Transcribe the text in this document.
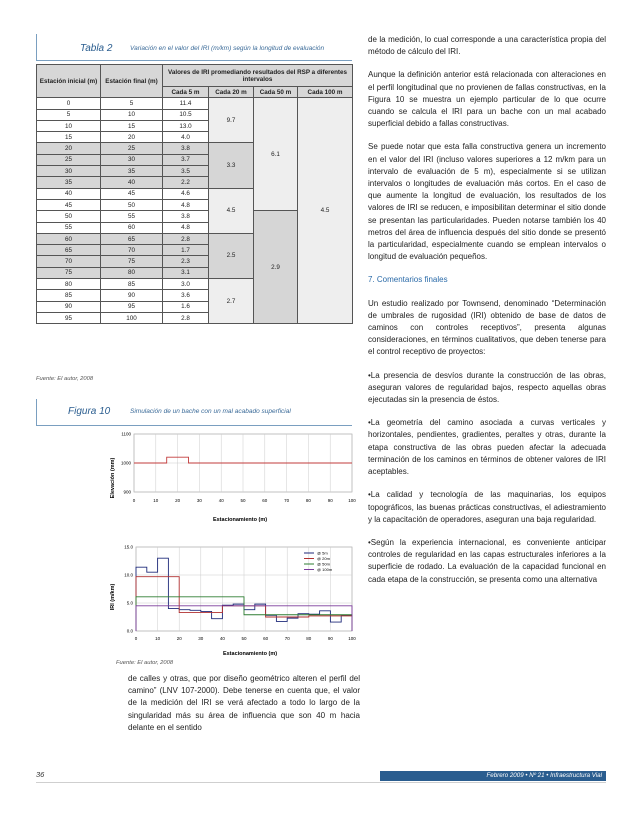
Tabla 2	Variación en el valor del IRI (m/km) según la longitud de evaluación
Estación inicial (m)	Estación final (m)	Valores de IRI promediando resultados del RSP a diferentes intervalos			
		Cada 5 m	Cada 20 m	Cada 50 m	Cada 100 m
0	5	11.4	9.7	6.1	4.5
5	10	10.5			
10	15	13.0			
15	20	4.0			
20	25	3.8	3.3		
25	30	3.7			
30	35	3.5			
35	40	2.2			
40	45	4.6	4.5		
45	50	4.8			
50	55	3.8		2.9	
55	60	4.8			
60	65	2.8	2.5		
65	70	1.7			
70	75	2.3			
75	80	3.1			
80	85	3.0	2.7		
85	90	3.6			
90	95	1.6			
95	100	2.8			
Fuente: El autor, 2008
Figura 10	Simulación de un bache con un mal acabado superficial
0	10	20	30	40	50	60	70	80	90	100
900
1000
1100
Elevación (mm)
Estacionamiento (m)
0	10	20	30	40	50	60	70	80	90	100
0.0
5.0
10.0
15.0
@ 5m
@ 20m
@ 50m
@ 100m
IRI (m/km)
Estacionamiento (m)
Fuente: El autor, 2008
de calles y otras, que por diseño geométrico alteren el perfil del camino” (LNV 107-2000). Debe tenerse en cuenta que, el valor de la medición del IRI se verá afectado a todo lo largo de la singularidad más su área de influencia que son 40 m hacia delante en el sentido

de la medición, lo cual corresponde a una característica propia del método de cálculo del IRI.

Aunque la definición anterior está relacionada con alteraciones en el perfil longitudinal que no provienen de fallas constructivas, en la Figura 10 se muestra un ejemplo particular de lo que ocurre cuando se calcula el IRI para un bache con un mal acabado superficial debido a fallas constructivas.

Se puede notar que esta falla constructiva genera un incremento en el valor del IRI (incluso valores superiores a 12 m/km para un intervalo de evaluación de 5 m), especialmente si se utilizan intervalos o longitudes de evaluación más cortos. En el caso de que aumente la longitud de evaluación, los resultados de los valores de IRI se reducen, e imposibilitan determinar el sitio donde se presentan las particularidades. Pueden notarse también los 40 metros del área de influencia después del sitio donde se presentó la particularidad, especialmente cuando se emplean intervalos o longitud de evaluación pequeños.

7. Comentarios finales

Un estudio realizado por Townsend, denominado “Determinación de umbrales de rugosidad (IRI) obtenido de base de datos de caminos con controles receptivos”, presenta algunas consideraciones, en términos cualitativos, que deben tenerse para el control receptivo de proyectos:

•La presencia de desvíos durante la construcción de las obras, aseguran valores de regularidad bajos, respecto aquellas obras ejecutadas sin la presencia de éstos.

•La geometría del camino asociada a curvas verticales y horizontales, pendientes, gradientes, peraltes y otras, durante la etapa constructiva de las obras pueden afectar la adecuada terminación de los caminos en términos de obtener valores de IRI aceptables.

•La calidad y tecnología de las maquinarias, los equipos topográficos, las buenas prácticas constructivas, el adiestramiento y la capacitación de operadores, aseguran una baja regularidad.

•Según la experiencia internacional, es conveniente anticipar controles de regularidad en las capas estructurales inferiores a la superficie de rodado. La evaluación de la capacidad funcional en cada etapa de la construcción, se presenta como una alternativa

36	Febrero 2009 • Nº 21 • Infraestructura Vial
